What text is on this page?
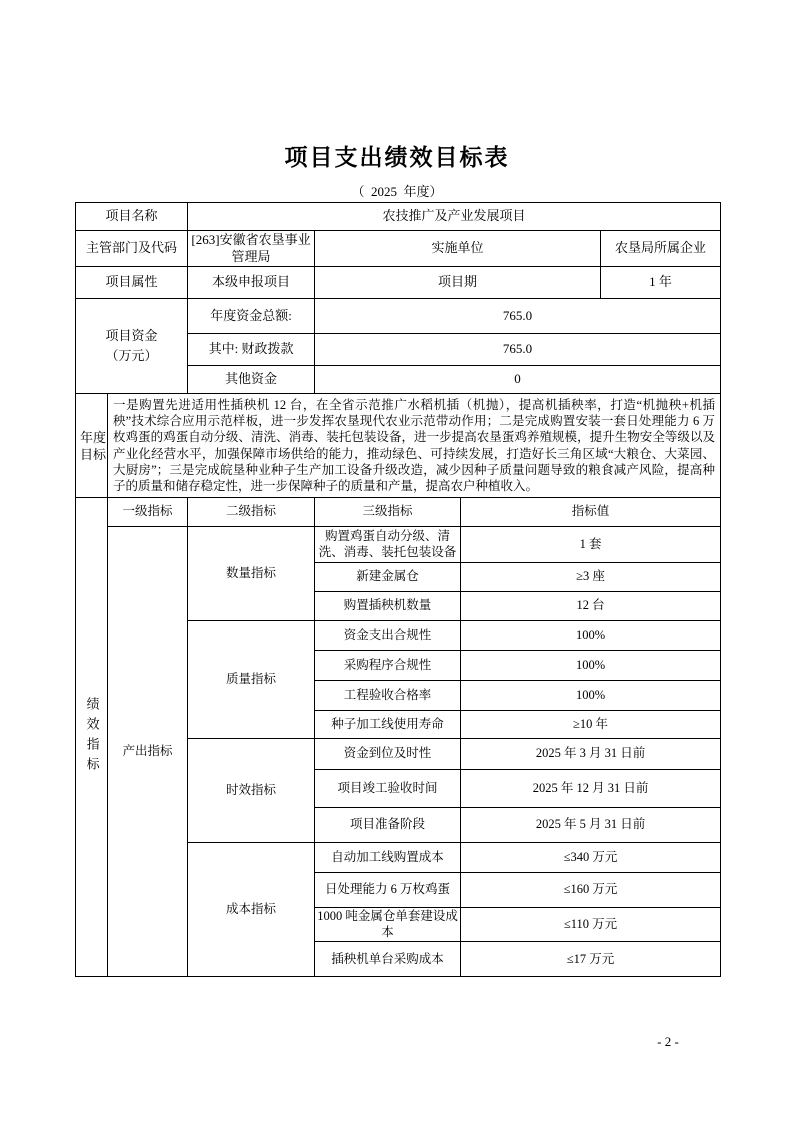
项目支出绩效目标表
（  2025  年度）
项目名称		农技推广及产业发展项目			
主管部门及代码		[263]安徽省农垦事业管理局	实施单位		农垦局所属企业
项目属性		本级申报项目	项目期		1 年

项目资金（万元）		年度资金总额:	765.0		
		其中: 财政拨款	765.0		
		其他资金	0		

年度目标	一是购置先进适用性插秧机 12 台，在全省示范推广水稻机插（机抛），提高机插秧率，打造“机抛秧+机插秧”技术综合应用示范样板，进一步发挥农垦现代农业示范带动作用；二是完成购置安装一套日处理能力 6 万枚鸡蛋的鸡蛋自动分级、清洗、消毒、装托包装设备，进一步提高农垦蛋鸡养殖规模，提升生物安全等级以及产业化经营水平，加强保障市场供给的能力，推动绿色、可持续发展，打造好长三角区域“大粮仓、大菜园、大厨房”；三是完成皖垦种业种子生产加工设备升级改造，减少因种子质量问题导致的粮食减产风险，提高种子的质量和储存稳定性，进一步保障种子的质量和产量，提高农户种植收入。				

绩效指标	一级指标	二级指标	三级指标	指标值	
	产出指标	数量指标	购置鸡蛋自动分级、清洗、消毒、装托包装设备	1 套	
			新建金属仓	≥3 座	
			购置插秧机数量	12 台	
		质量指标	资金支出合规性	100%	
			采购程序合规性	100%	
			工程验收合格率	100%	
			种子加工线使用寿命	≥10 年	
		时效指标	资金到位及时性	2025 年 3 月 31 日前	
			项目竣工验收时间	2025 年 12 月 31 日前	
			项目准备阶段	2025 年 5 月 31 日前	
		成本指标	自动加工线购置成本	≤340 万元	
			日处理能力 6 万枚鸡蛋	≤160 万元	
			1000 吨金属仓单套建设成本	≤110 万元	
			插秧机单台采购成本	≤17 万元	
- 2 -
